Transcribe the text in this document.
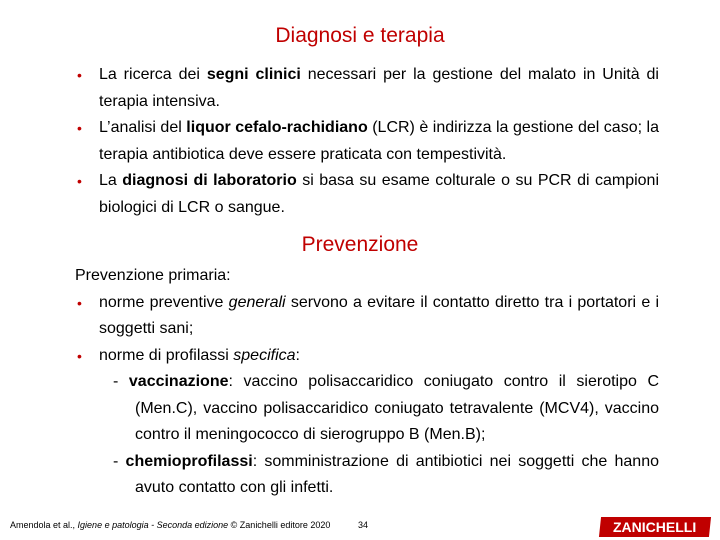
Diagnosi e terapia
• La ricerca dei segni clinici necessari per la gestione del malato in Unità di terapia intensiva.
• L’analisi del liquor cefalo-rachidiano (LCR) è indirizza la gestione del caso; la terapia antibiotica deve essere praticata con tempestività.
• La diagnosi di laboratorio si basa su esame colturale o su PCR di campioni biologici di LCR o sangue.
Prevenzione
Prevenzione primaria:
• norme preventive generali servono a evitare il contatto diretto tra i portatori e i soggetti sani;
• norme di profilassi specifica:
- vaccinazione: vaccino polisaccaridico coniugato contro il sierotipo C (Men.C), vaccino polisaccaridico coniugato tetravalente (MCV4), vaccino contro il meningococco di sierogruppo B (Men.B);
- chemioprofilassi: somministrazione di antibiotici nei soggetti che hanno avuto contatto con gli infetti.
Amendola et al., Igiene e patologia - Seconda edizione © Zanichelli editore 2020	34	ZANICHELLI
